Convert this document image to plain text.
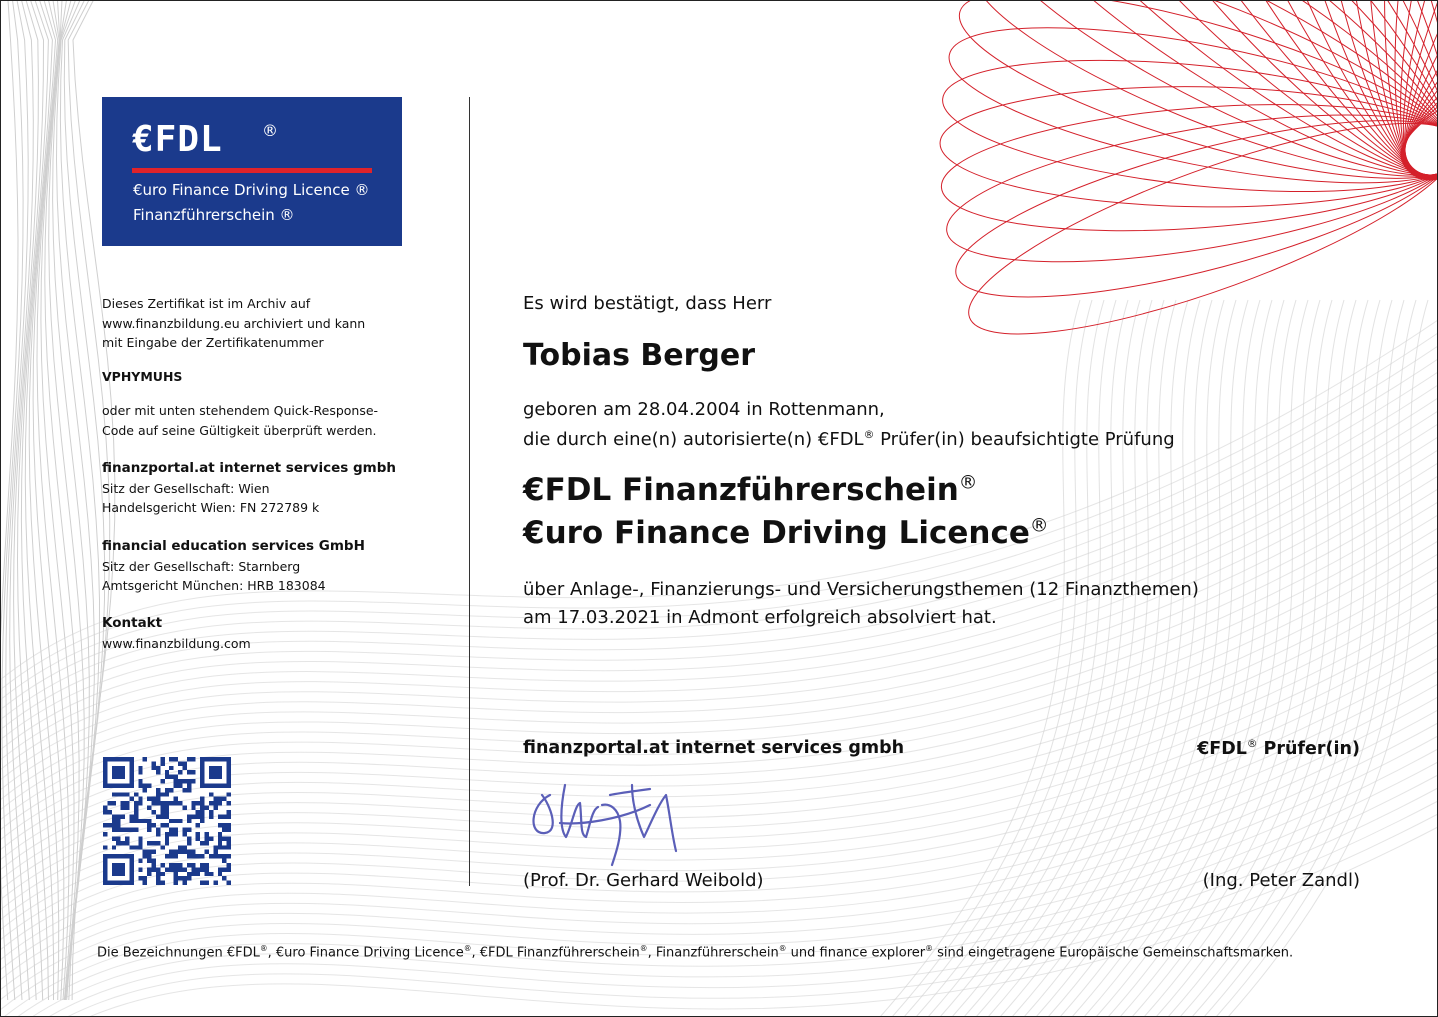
€FDL ®
€uro Finance Driving Licence ®
Finanzführerschein ®
Dieses Zertifikat ist im Archiv auf
www.finanzbildung.eu archiviert und kann
mit Eingabe der Zertifikatenummer
VPHYMUHS
oder mit unten stehendem Quick-Response-
Code auf seine Gültigkeit überprüft werden.
finanzportal.at internet services gmbh
Sitz der Gesellschaft: Wien
Handelsgericht Wien: FN 272789 k
financial education services GmbH
Sitz der Gesellschaft: Starnberg
Amtsgericht München: HRB 183084
Kontakt
www.finanzbildung.com
Es wird bestätigt, dass Herr
Tobias Berger
geboren am 28.04.2004 in Rottenmann,
die durch eine(n) autorisierte(n) €FDL® Prüfer(in) beaufsichtigte Prüfung
€FDL Finanzführerschein®
€uro Finance Driving Licence®
über Anlage-, Finanzierungs- und Versicherungsthemen (12 Finanzthemen)
am 17.03.2021 in Admont erfolgreich absolviert hat.
finanzportal.at internet services gmbh	€FDL® Prüfer(in)
(Prof. Dr. Gerhard Weibold)	(Ing. Peter Zandl)
Die Bezeichnungen €FDL®, €uro Finance Driving Licence®, €FDL Finanzführerschein®, Finanzführerschein® und finance explorer® sind eingetragene Europäische Gemeinschaftsmarken.
